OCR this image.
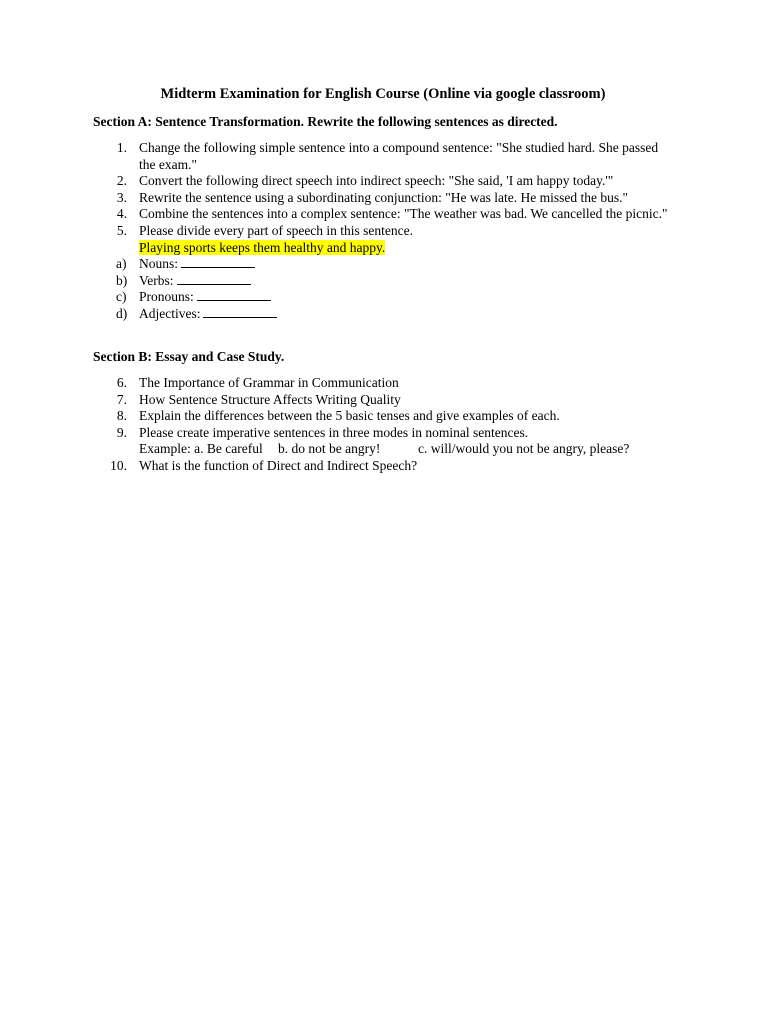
Midterm Examination for English Course (Online via google classroom)
Section A: Sentence Transformation. Rewrite the following sentences as directed.
1. Change the following simple sentence into a compound sentence: "She studied hard. She passed the exam."
2. Convert the following direct speech into indirect speech: "She said, 'I am happy today.'"
3. Rewrite the sentence using a subordinating conjunction: "He was late. He missed the bus."
4. Combine the sentences into a complex sentence: "The weather was bad. We cancelled the picnic."
5. Please divide every part of speech in this sentence.
Playing sports keeps them healthy and happy.
a) Nouns:
b) Verbs:
c) Pronouns:
d) Adjectives:
Section B: Essay and Case Study.
6. The Importance of Grammar in Communication
7. How Sentence Structure Affects Writing Quality
8. Explain the differences between the 5 basic tenses and give examples of each.
9. Please create imperative sentences in three modes in nominal sentences.
Example: a. Be careful b. do not be angry!	c. will/would you not be angry, please?
10. What is the function of Direct and Indirect Speech?
